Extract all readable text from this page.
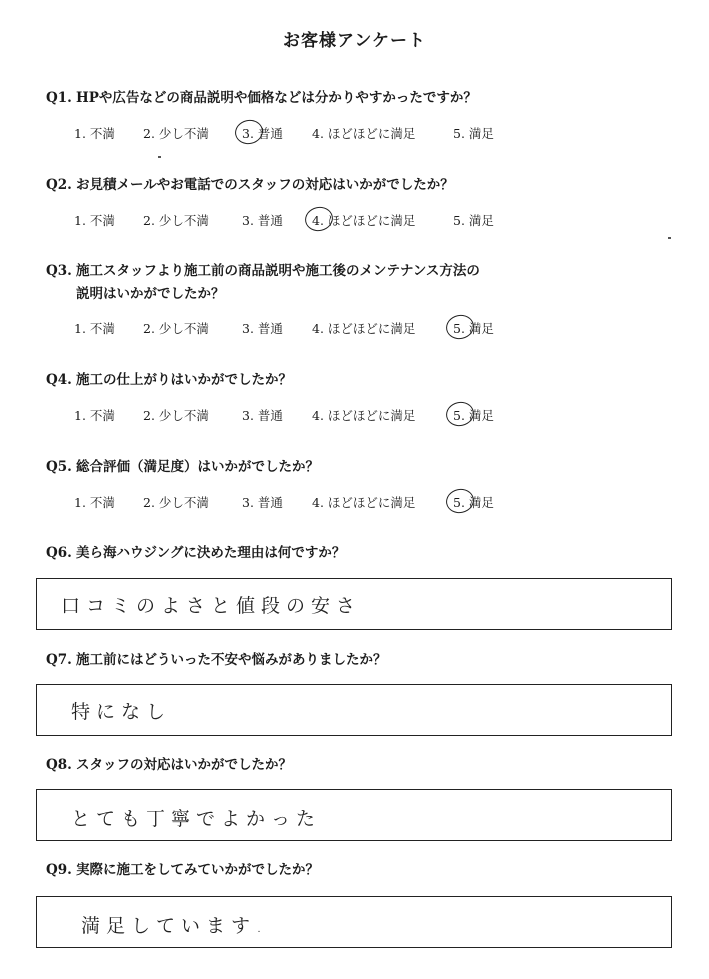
お客様アンケート
Q1. HPや広告などの商品説明や価格などは分かりやすかったですか？
1. 不満 2. 少し不満	3. 普通 4. ほどほどに満足	5. 満足
Q2. お見積メールやお電話でのスタッフの対応はいかがでしたか？
1. 不満 2. 少し不満	3. 普通 4. ほどほどに満足	5. 満足
Q3. 施工スタッフより施工前の商品説明や施工後のメンテナンス方法の
説明はいかがでしたか？
1. 不満 2. 少し不満	3. 普通 4. ほどほどに満足	5. 満足
Q4. 施工の仕上がりはいかがでしたか？
1. 不満 2. 少し不満	3. 普通 4. ほどほどに満足	5. 満足
Q5. 総合評価（満足度）はいかがでしたか？
1. 不満 2. 少し不満	3. 普通 4. ほどほどに満足	5. 満足
Q6. 美ら海ハウジングに決めた理由は何ですか？
口コミのよさと値段の安さ
Q7. 施工前にはどういった不安や悩みがありましたか？
特になし
Q8. スタッフの対応はいかがでしたか？
とても丁寧でよかった
Q9. 実際に施工をしてみていかがでしたか？
満足しています.
